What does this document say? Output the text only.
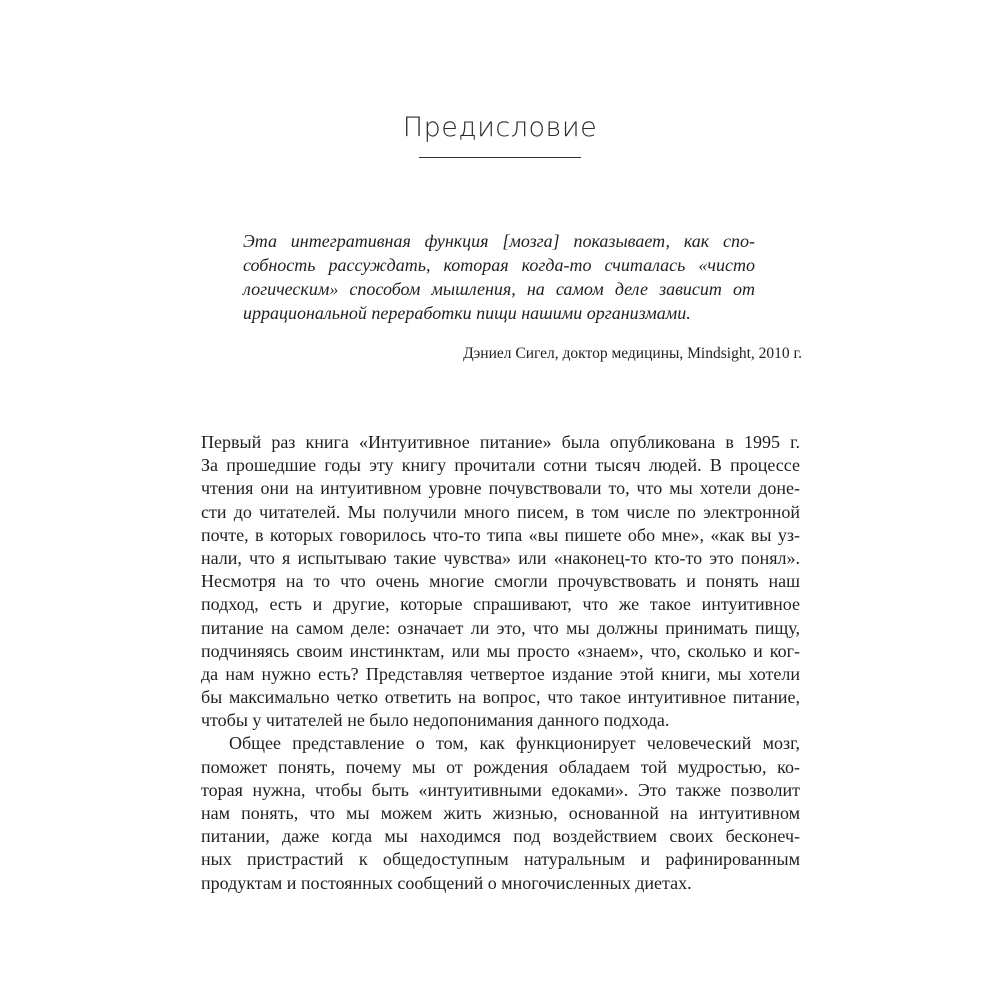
Предисловие
Эта интегративная функция [мозга] показывает, как спо-
собность рассуждать, которая когда-то считалась «чисто
логическим» способом мышления, на самом деле зависит от
иррациональной переработки пищи нашими организмами.
Дэниел Сигел, доктор медицины, Mindsight, 2010 г.
Первый раз книга «Интуитивное питание» была опубликована в 1995 г.
За прошедшие годы эту книгу прочитали сотни тысяч людей. В процессе
чтения они на интуитивном уровне почувствовали то, что мы хотели доне-
сти до читателей. Мы получили много писем, в том числе по электронной
почте, в которых говорилось что-то типа «вы пишете обо мне», «как вы уз-
нали, что я испытываю такие чувства» или «наконец-то кто-то это понял».
Несмотря на то что очень многие смогли прочувствовать и понять наш
подход, есть и другие, которые спрашивают, что же такое интуитивное
питание на самом деле: означает ли это, что мы должны принимать пищу,
подчиняясь своим инстинктам, или мы просто «знаем», что, сколько и ког-
да нам нужно есть? Представляя четвертое издание этой книги, мы хотели
бы максимально четко ответить на вопрос, что такое интуитивное питание,
чтобы у читателей не было недопонимания данного подхода.
Общее представление о том, как функционирует человеческий мозг,
поможет понять, почему мы от рождения обладаем той мудростью, ко-
торая нужна, чтобы быть «интуитивными едоками». Это также позволит
нам понять, что мы можем жить жизнью, основанной на интуитивном
питании, даже когда мы находимся под воздействием своих бесконеч-
ных пристрастий к общедоступным натуральным и рафинированным
продуктам и постоянных сообщений о многочисленных диетах.
